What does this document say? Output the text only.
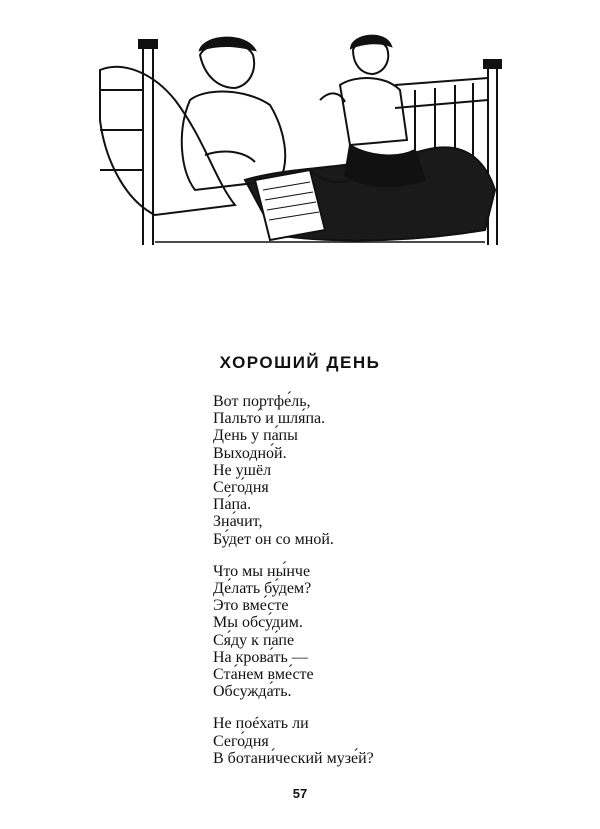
ХОРОШИЙ ДЕНЬ
Вот портфе́ль,
Пальто́ и шля́па.
День у па́пы
Выходно́й.
Не ушёл
Сего́дня
Па́па.
Зна́чит,
Бу́дет он со мной.
Что мы ны́нче
Де́лать бу́дем?
Это вме́сте
Мы обсу́дим.
Ся́ду к па́пе
На крова́ть —
Ста́нем вме́сте
Обсужда́ть.
Не поéхать ли
Сего́дня
В ботани́ческий музе́й?
57
